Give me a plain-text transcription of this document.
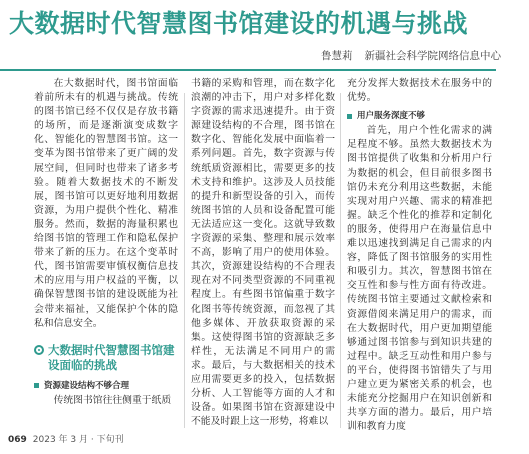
大数据时代智慧图书馆建设的机遇与挑战
鲁慧莉 新疆社会科学院网络信息中心

在大数据时代，图书馆面临着前所未有的机遇与挑战。传统的图书馆已经不仅仅是存放书籍的场所，而是逐渐演变成数字化、智能化的智慧图书馆。这一变革为图书馆带来了更广阔的发展空间，但同时也带来了诸多考验。随着大数据技术的不断发展，图书馆可以更好地利用数据资源，为用户提供个性化、精准服务。然而，数据的海量积累也给图书馆的管理工作和隐私保护带来了新的压力。在这个变革时代，图书馆需要审慎权衡信息技术的应用与用户权益的平衡，以确保智慧图书馆的建设既能为社会带来福祉，又能保护个体的隐私和信息安全。

大数据时代智慧图书馆建设面临的挑战
资源建设结构不够合理

传统图书馆往往侧重于纸质

书籍的采购和管理，而在数字化浪潮的冲击下，用户对多样化数字资源的需求迅速提升。由于资源建设结构的不合理，图书馆在数字化、智能化发展中面临着一系列问题。首先，数字资源与传统纸质资源相比，需要更多的技术支持和维护。这涉及人员技能的提升和新型设备的引入，而传统图书馆的人员和设备配置可能无法适应这一变化。这就导致数字资源的采集、整理和展示效率不高，影响了用户的使用体验。其次，资源建设结构的不合理表现在对不同类型资源的不同重视程度上。有些图书馆偏重于数字化图书等传统资源，而忽视了其他多媒体、开放获取资源的采集。这使得图书馆的资源缺乏多样性，无法满足不同用户的需求。最后，与大数据相关的技术应用需要更多的投入，包括数据分析、人工智能等方面的人才和设备。如果图书馆在资源建设中不能及时跟上这一形势，将难以

充分发挥大数据技术在服务中的优势。

用户服务深度不够

首先，用户个性化需求的满足程度不够。虽然大数据技术为图书馆提供了收集和分析用户行为数据的机会，但目前很多图书馆仍未充分利用这些数据，未能实现对用户兴趣、需求的精准把握。缺乏个性化的推荐和定制化的服务，使得用户在海量信息中难以迅速找到满足自己需求的内容，降低了图书馆服务的实用性和吸引力。其次，智慧图书馆在交互性和参与性方面有待改进。传统图书馆主要通过文献检索和资源借阅来满足用户的需求，而在大数据时代，用户更加期望能够通过图书馆参与到知识共建的过程中。缺乏互动性和用户参与的平台，使得图书馆错失了与用户建立更为紧密关系的机会，也未能充分挖掘用户在知识创新和共享方面的潜力。最后，用户培训和教育力度

069 2023 年 3 月 · 下旬刊
